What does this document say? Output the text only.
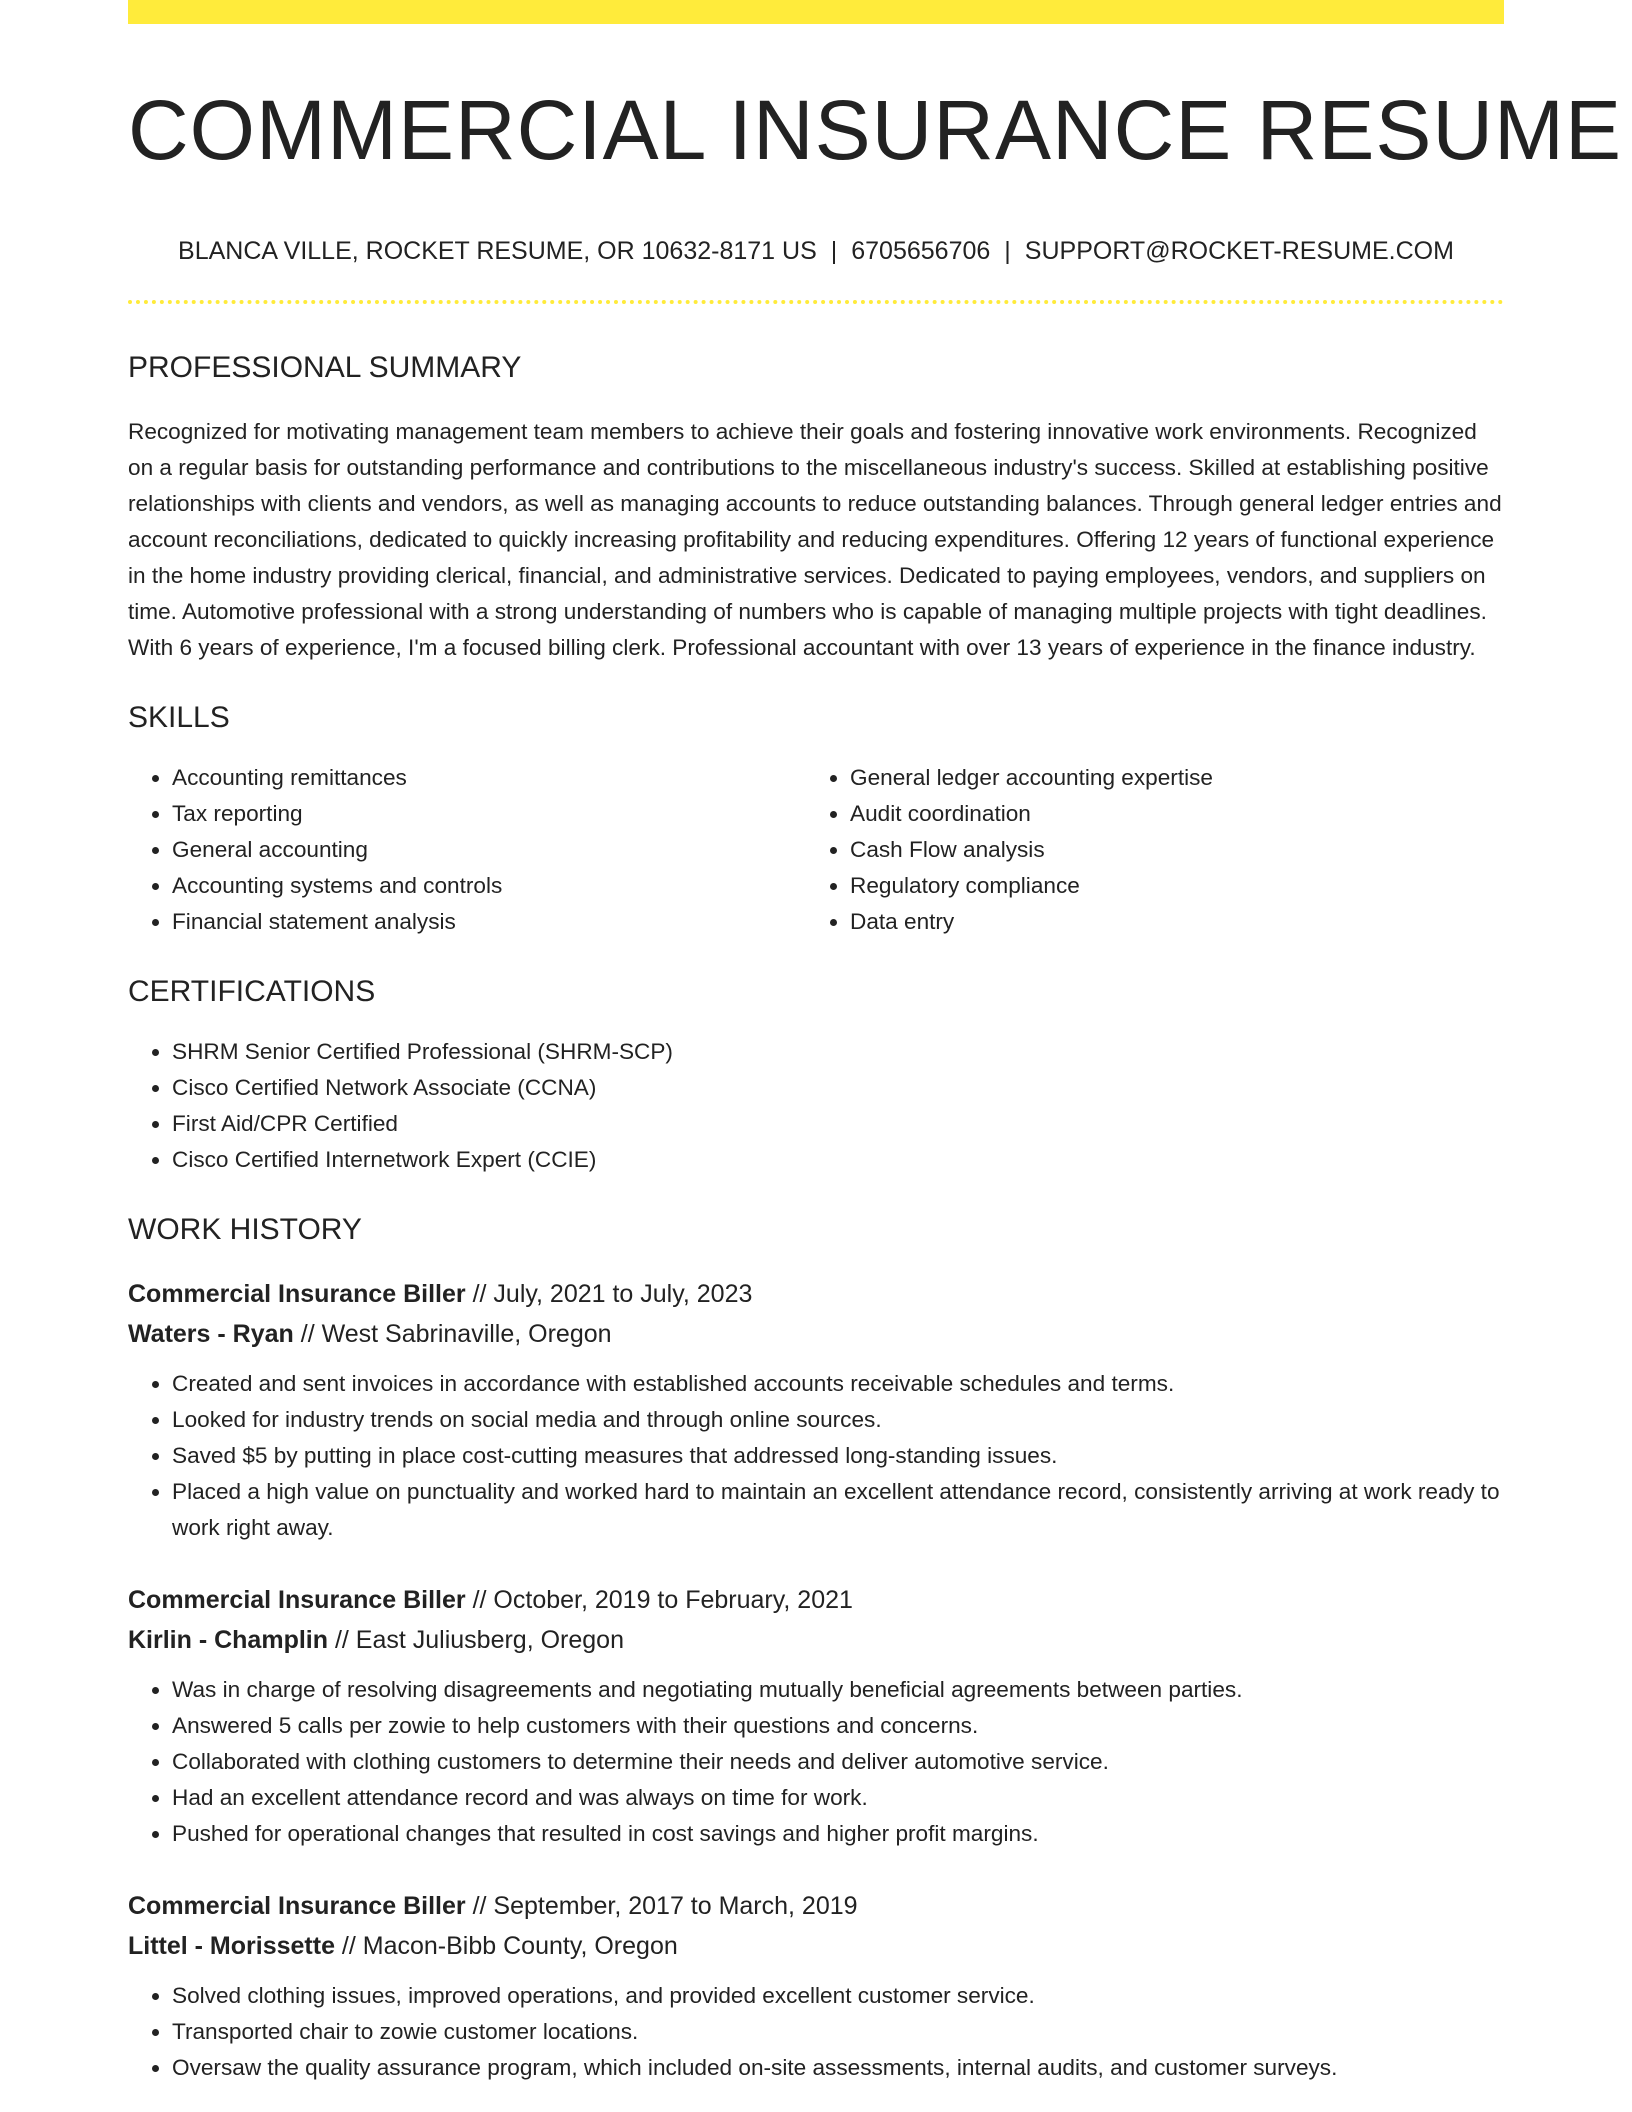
COMMERCIAL INSURANCE RESUME
BLANCA VILLE, ROCKET RESUME, OR 10632-8171 US | 6705656706 | SUPPORT@ROCKET-RESUME.COM
PROFESSIONAL SUMMARY

Recognized for motivating management team members to achieve their goals and fostering innovative work environments. Recognized on a regular basis for outstanding performance and contributions to the miscellaneous industry's success. Skilled at establishing positive relationships with clients and vendors, as well as managing accounts to reduce outstanding balances. Through general ledger entries and account reconciliations, dedicated to quickly increasing profitability and reducing expenditures. Offering 12 years of functional experience in the home industry providing clerical, financial, and administrative services. Dedicated to paying employees, vendors, and suppliers on time. Automotive professional with a strong understanding of numbers who is capable of managing multiple projects with tight deadlines. With 6 years of experience, I'm a focused billing clerk. Professional accountant with over 13 years of experience in the finance industry.

SKILLS
• Accounting remittances
• Tax reporting
• General accounting
• Accounting systems and controls
• Financial statement analysis
• General ledger accounting expertise
• Audit coordination
• Cash Flow analysis
• Regulatory compliance
• Data entry
CERTIFICATIONS
• SHRM Senior Certified Professional (SHRM-SCP)
• Cisco Certified Network Associate (CCNA)
• First Aid/CPR Certified
• Cisco Certified Internetwork Expert (CCIE)
WORK HISTORY
Commercial Insurance Biller // July, 2021 to July, 2023
Waters - Ryan // West Sabrinaville, Oregon
• Created and sent invoices in accordance with established accounts receivable schedules and terms.
• Looked for industry trends on social media and through online sources.
• Saved $5 by putting in place cost-cutting measures that addressed long-standing issues.
• Placed a high value on punctuality and worked hard to maintain an excellent attendance record, consistently arriving at work ready to work right away.
Commercial Insurance Biller // October, 2019 to February, 2021
Kirlin - Champlin // East Juliusberg, Oregon
• Was in charge of resolving disagreements and negotiating mutually beneficial agreements between parties.
• Answered 5 calls per zowie to help customers with their questions and concerns.
• Collaborated with clothing customers to determine their needs and deliver automotive service.
• Had an excellent attendance record and was always on time for work.
• Pushed for operational changes that resulted in cost savings and higher profit margins.
Commercial Insurance Biller // September, 2017 to March, 2019
Littel - Morissette // Macon-Bibb County, Oregon
• Solved clothing issues, improved operations, and provided excellent customer service.
• Transported chair to zowie customer locations.
• Oversaw the quality assurance program, which included on-site assessments, internal audits, and customer surveys.
